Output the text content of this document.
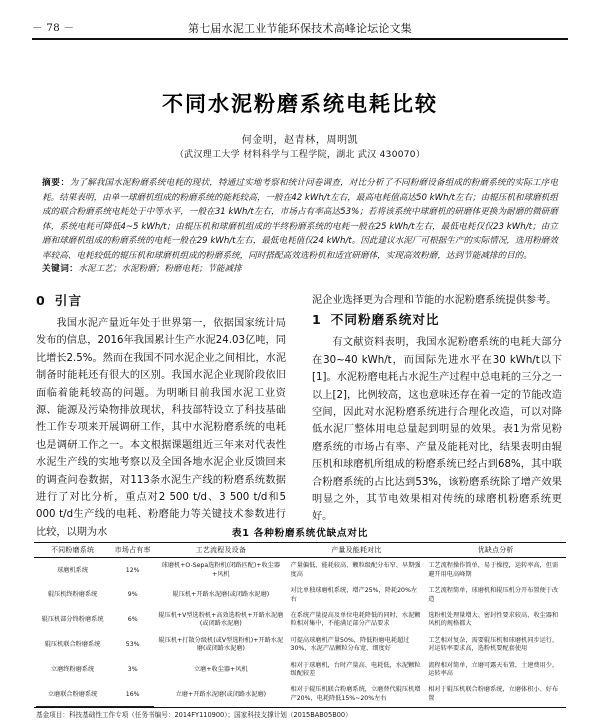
－ 78 －	第七届水泥工业节能环保技术高峰论坛论文集
不同水泥粉磨系统电耗比较
何金明，赵青林，周明凯
（武汉理工大学 材料科学与工程学院，湖北 武汉 430070）
摘要：为了解我国水泥粉磨系统电耗的现状，特通过实地考察和统计问卷调查，对比分析了不同粉磨设备组成的粉磨系统的实际工序电耗。结果表明，由单一球磨机组成的粉磨系统的能耗较高，一般在42 kWh/t左右，最高电耗值高达50 kWh/t左右；由辊压机和球磨机组成的联合粉磨系统电耗处于中等水平，一般在31 kWh/t左右，市场占有率高达53%；若将该系统中球磨机的研磨体更换为耐磨的微研磨体，系统电耗可降低4~5 kWh/t；由辊压机和球磨机组成的半终粉磨系统的电耗一般在25 kWh/t左右，最低电耗仅仅23 kWh/t；由立磨和球磨机组成的粉磨系统的电耗一般在29 kWh/t左右，最低电耗值仅24 kWh/t。因此建议水泥厂可根据生产的实际情况，选用粉磨效率较高、电耗较低的辊压机和球磨机组成的粉磨系统，同时搭配高效选粉机和适宜研磨体，实现高效粉磨，达到节能减排的目的。
关键词：水泥工艺；水泥粉磨；粉磨电耗；节能减排
0 引言

我国水泥产量近年处于世界第一，依据国家统计局发布的信息，2016年我国累计生产水泥24.03亿吨，同比增长2.5%。然而在我国不同水泥企业之间相比，水泥制备时能耗还有很大的区别。我国水泥企业现阶段依旧面临着能耗较高的问题。为明晰目前我国水泥工业资源、能源及污染物排放现状，科技部特设立了科技基础性工作专项来开展调研工作，其中水泥粉磨系统的电耗也是调研工作之一。本文根据课题组近三年来对代表性水泥生产线的实地考察以及全国各地水泥企业反馈回来的调查问卷数据，对113条水泥生产线的粉磨系统数据进行了对比分析，重点对2 500 t/d、3 500 t/d和5 000 t/d生产线的电耗、粉磨能力等关键技术参数进行比较，以期为水

泥企业选择更为合理和节能的水泥粉磨系统提供参考。

1 不同粉磨系统对比

有文献资料表明，我国水泥粉磨系统的电耗大部分在30~40 kWh/t，而国际先进水平在30 kWh/t以下[1]。水泥粉磨电耗占水泥生产过程中总电耗的三分之一以上[2]，比例较高，这也意味还存在着一定的节能改造空间，因此对水泥粉磨系统进行合理化改造，可以对降低水泥厂整体用电总量起到明显的效果。表1为常见粉磨系统的市场占有率、产量及能耗对比，结果表明由辊压机和球磨机所组成的粉磨系统已经占到68%，其中联合粉磨系统的占比达到53%，该粉磨系统除了增产效果明显之外，其节电效果相对传统的球磨机粉磨系统更好。

表1 各种粉磨系统优缺点对比
不同粉磨系统	市场占有率	工艺流程及设备	产量及能耗对比	优缺点分析
球磨机系统	12%	球磨机+O-Sepa选粉机(闭路匹配)+收尘器+风机	产量偏低、能耗较高、颗粒级配分布窄、早期强度高	工艺流程操作简单，易于操控，运转率高，但需避开用电高峰期
辊压机终粉磨系统	9%	辊压机+开路水泥磨(或闭路水泥磨)	对比单独球磨机系统，增产25%，降耗20%左右	工艺流程简单，球磨机和辊压机分开布置便于改造
辊压机部分终粉磨系统	6%	辊压机+V型选粉机+高效选粉机+开路水泥磨(或闭路水泥磨)	在系统产量提高及单位电耗降低的同时，水泥颗粒相对集中，不能满足部分产品要求	选粉机处理量增大、密封性要求较高，收尘器和风机的规格都大
辊压机联合粉磨系统	53%	辊压机+打散分级机(或V型选粉机)+开路水泥磨(或闭路水泥磨)	可提高球磨机产量50%，降低粉磨电耗超过30%，水泥产品颗粒分布宽、细度好	工艺相对复杂，需要辊压机和球磨机同步运行，对运转率要求高，选粉机要配套使用
立磨终粉磨系统	3%	立磨+收尘器+风机	相对于球磨机，台时产量高、电耗低，水泥颗粒级配较差	流程相对简单，立磨可露天布置，土建费用少，运转率高
立磨联合粉磨系统	16%	立磨+开路水泥磨(或闭路水泥磨)	相对于辊压机联合粉磨系统，立磨替代辊压机增产20%，电耗降低15%~20%左右	相对于辊压机联合粉磨系统，立磨体积小、好布置
基金项目：科技基础性工作专项（任务书编号：2014FY110900）；国家科技支撑计划（2015BAB05B00）
